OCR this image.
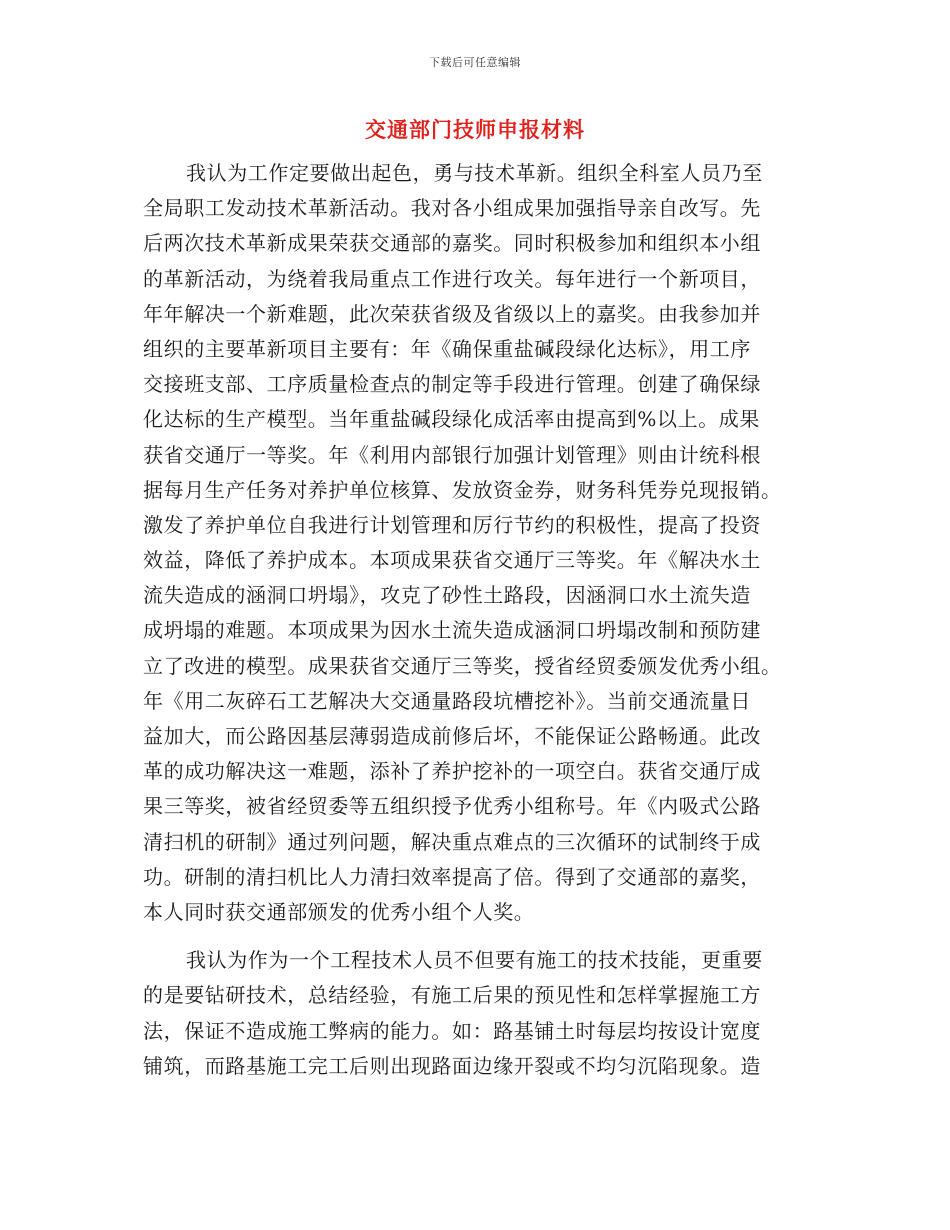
下载后可任意编辑
交通部门技师申报材料
我认为工作定要做出起色，勇与技术革新。组织全科室人员乃至
全局职工发动技术革新活动。我对各小组成果加强指导亲自改写。先
后两次技术革新成果荣获交通部的嘉奖。同时积极参加和组织本小组
的革新活动，为绕着我局重点工作进行攻关。每年进行一个新项目，
年年解决一个新难题，此次荣获省级及省级以上的嘉奖。由我参加并
组织的主要革新项目主要有：年《确保重盐碱段绿化达标》，用工序
交接班支部、工序质量检查点的制定等手段进行管理。创建了确保绿
化达标的生产模型。当年重盐碱段绿化成活率由提高到%以上。成果
获省交通厅一等奖。年《利用内部银行加强计划管理》则由计统科根
据每月生产任务对养护单位核算、发放资金券，财务科凭券兑现报销。
激发了养护单位自我进行计划管理和厉行节约的积极性，提高了投资
效益，降低了养护成本。本项成果获省交通厅三等奖。年《解决水土
流失造成的涵洞口坍塌》，攻克了砂性土路段，因涵洞口水土流失造
成坍塌的难题。本项成果为因水土流失造成涵洞口坍塌改制和预防建
立了改进的模型。成果获省交通厅三等奖，授省经贸委颁发优秀小组。
年《用二灰碎石工艺解决大交通量路段坑槽挖补》。当前交通流量日
益加大，而公路因基层薄弱造成前修后坏，不能保证公路畅通。此改
革的成功解决这一难题，添补了养护挖补的一项空白。获省交通厅成
果三等奖，被省经贸委等五组织授予优秀小组称号。年《内吸式公路
清扫机的研制》通过列问题，解决重点难点的三次循环的试制终于成
功。研制的清扫机比人力清扫效率提高了倍。得到了交通部的嘉奖，
本人同时获交通部颁发的优秀小组个人奖。
我认为作为一个工程技术人员不但要有施工的技术技能，更重要
的是要钻研技术，总结经验，有施工后果的预见性和怎样掌握施工方
法，保证不造成施工弊病的能力。如：路基铺土时每层均按设计宽度
铺筑，而路基施工完工后则出现路面边缘开裂或不均匀沉陷现象。造
